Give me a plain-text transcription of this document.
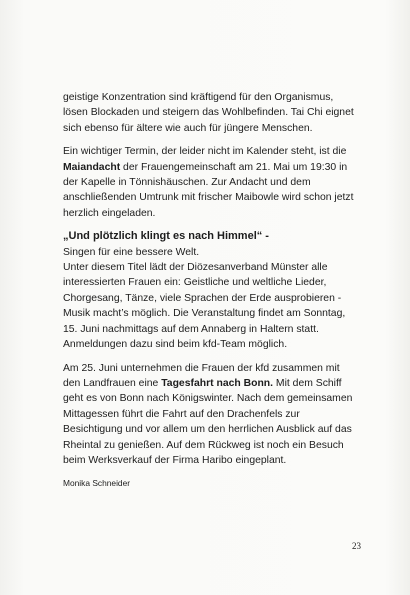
geistige Konzentration sind kräftigend für den Organismus,
lösen Blockaden und steigern das Wohlbefinden. Tai Chi eignet
sich ebenso für ältere wie auch für jüngere Menschen.

Ein wichtiger Termin, der leider nicht im Kalender steht, ist die
Maiandacht der Frauengemeinschaft am 21. Mai um 19:30 in
der Kapelle in Tönnishäuschen. Zur Andacht und dem
anschließenden Umtrunk mit frischer Maibowle wird schon jetzt
herzlich eingeladen.

„Und plötzlich klingt es nach Himmel“ -
Singen für eine bessere Welt.
Unter diesem Titel lädt der Diözesanverband Münster alle
interessierten Frauen ein: Geistliche und weltliche Lieder,
Chorgesang, Tänze, viele Sprachen der Erde ausprobieren -
Musik macht’s möglich. Die Veranstaltung findet am Sonntag,
15. Juni nachmittags auf dem Annaberg in Haltern statt.
Anmeldungen dazu sind beim kfd-Team möglich.

Am 25. Juni unternehmen die Frauen der kfd zusammen mit
den Landfrauen eine Tagesfahrt nach Bonn. Mit dem Schiff
geht es von Bonn nach Königswinter. Nach dem gemeinsamen
Mittagessen führt die Fahrt auf den Drachenfels zur
Besichtigung und vor allem um den herrlichen Ausblick auf das
Rheintal zu genießen. Auf dem Rückweg ist noch ein Besuch
beim Werksverkauf der Firma Haribo eingeplant.

Monika Schneider
23
